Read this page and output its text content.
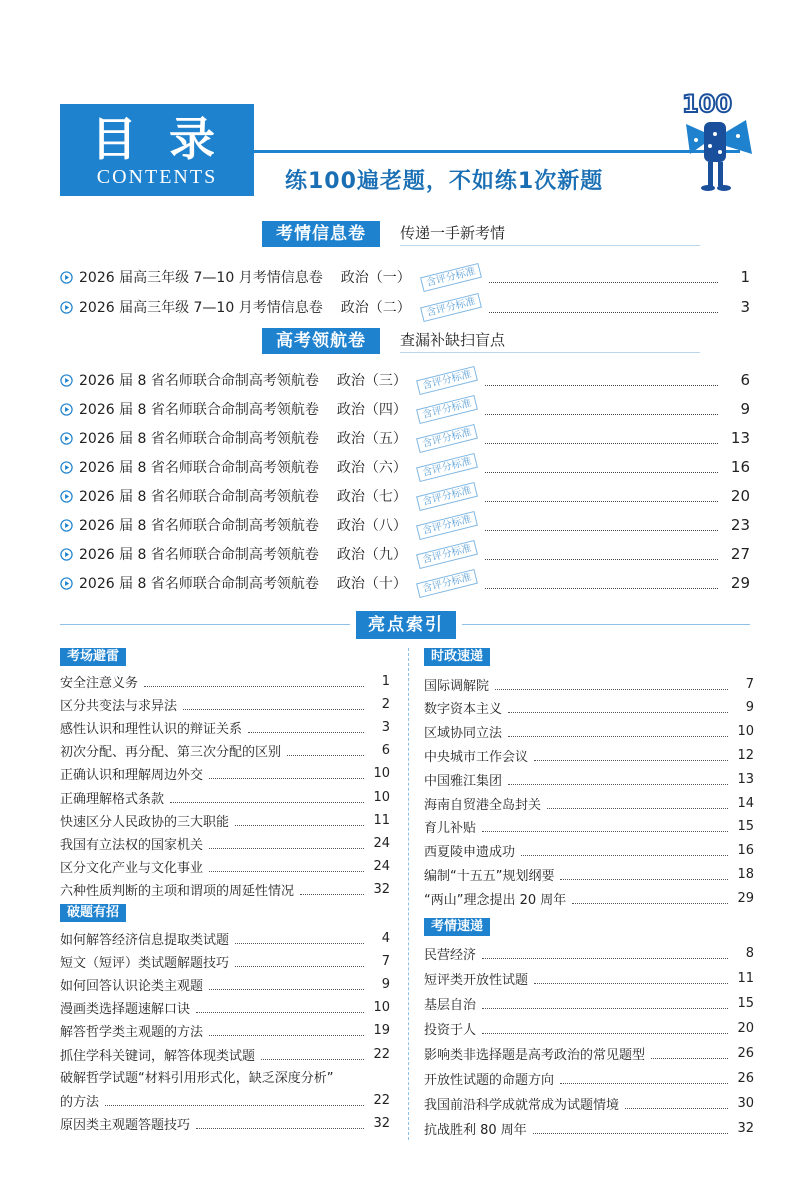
目 录
CONTENTS	练100遍老题，不如练1次新题
100
考情信息卷	传递一手新考情
2026 届高三年级 7—10 月考情信息卷 政治（一）	含评分标准	1
2026 届高三年级 7—10 月考情信息卷 政治（二）	含评分标准	3
高考领航卷	查漏补缺扫盲点
2026 届 8 省名师联合命制高考领航卷 政治（三）	含评分标准	6
2026 届 8 省名师联合命制高考领航卷 政治（四）	含评分标准	9
2026 届 8 省名师联合命制高考领航卷 政治（五）	含评分标准	13
2026 届 8 省名师联合命制高考领航卷 政治（六）	含评分标准	16
2026 届 8 省名师联合命制高考领航卷 政治（七）	含评分标准	20
2026 届 8 省名师联合命制高考领航卷 政治（八）	含评分标准	23
2026 届 8 省名师联合命制高考领航卷 政治（九）	含评分标准	27
2026 届 8 省名师联合命制高考领航卷 政治（十）	含评分标准	29
亮点索引
考场避雷
安全注意义务	1
区分共变法与求异法	2
感性认识和理性认识的辩证关系	3
初次分配、再分配、第三次分配的区别	6
正确认识和理解周边外交	10
正确理解格式条款	10
快速区分人民政协的三大职能	11
我国有立法权的国家机关	24
区分文化产业与文化事业	24
六种性质判断的主项和谓项的周延性情况	32
破题有招
如何解答经济信息提取类试题	4
短文（短评）类试题解题技巧	7
如何回答认识论类主观题	9
漫画类选择题速解口诀	10
解答哲学类主观题的方法	19
抓住学科关键词，解答体现类试题	22
破解哲学试题“材料引用形式化，缺乏深度分析”
的方法	22
原因类主观题答题技巧	32
时政速递
国际调解院	7
数字资本主义	9
区域协同立法	10
中央城市工作会议	12
中国雅江集团	13
海南自贸港全岛封关	14
育儿补贴	15
西夏陵申遗成功	16
编制“十五五”规划纲要	18
“两山”理念提出 20 周年	29
考情速递
民营经济	8
短评类开放性试题	11
基层自治	15
投资于人	20
影响类非选择题是高考政治的常见题型	26
开放性试题的命题方向	26
我国前沿科学成就常成为试题情境	30
抗战胜利 80 周年	32
